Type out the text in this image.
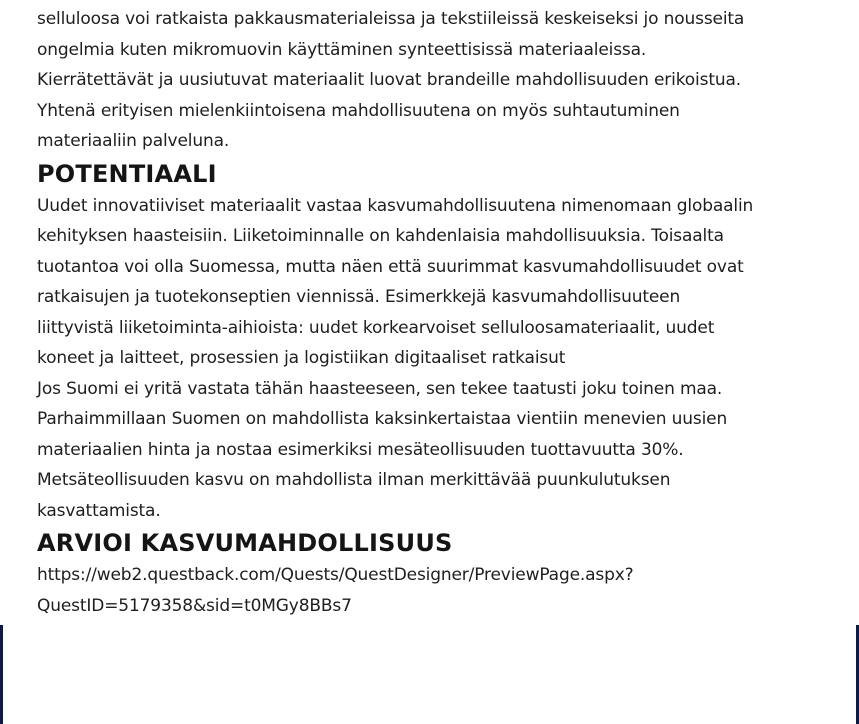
selluloosa voi ratkaista pakkausmaterialeissa ja tekstiileissä keskeiseksi jo nousseita
ongelmia kuten mikromuovin käyttäminen synteettisissä materiaaleissa.
Kierrätettävät ja uusiutuvat materiaalit luovat brandeille mahdollisuuden erikoistua.
Yhtenä erityisen mielenkiintoisena mahdollisuutena on myös suhtautuminen
materiaaliin palveluna.

POTENTIAALI

Uudet innovatiiviset materiaalit vastaa kasvumahdollisuutena nimenomaan globaalin
kehityksen haasteisiin. Liiketoiminnalle on kahdenlaisia mahdollisuuksia. Toisaalta
tuotantoa voi olla Suomessa, mutta näen että suurimmat kasvumahdollisuudet ovat
ratkaisujen ja tuotekonseptien viennissä. Esimerkkejä kasvumahdollisuuteen
liittyvistä liiketoiminta-aihioista: uudet korkearvoiset selluloosamateriaalit, uudet
koneet ja laitteet, prosessien ja logistiikan digitaaliset ratkaisut

Jos Suomi ei yritä vastata tähän haasteeseen, sen tekee taatusti joku toinen maa.
Parhaimmillaan Suomen on mahdollista kaksinkertaistaa vientiin menevien uusien
materiaalien hinta ja nostaa esimerkiksi mesäteollisuuden tuottavuutta 30%.
Metsäteollisuuden kasvu on mahdollista ilman merkittävää puunkulutuksen
kasvattamista.

ARVIOI KASVUMAHDOLLISUUS

https://web2.questback.com/Quests/QuestDesigner/PreviewPage.aspx?
QuestID=5179358&sid=t0MGy8BBs7
